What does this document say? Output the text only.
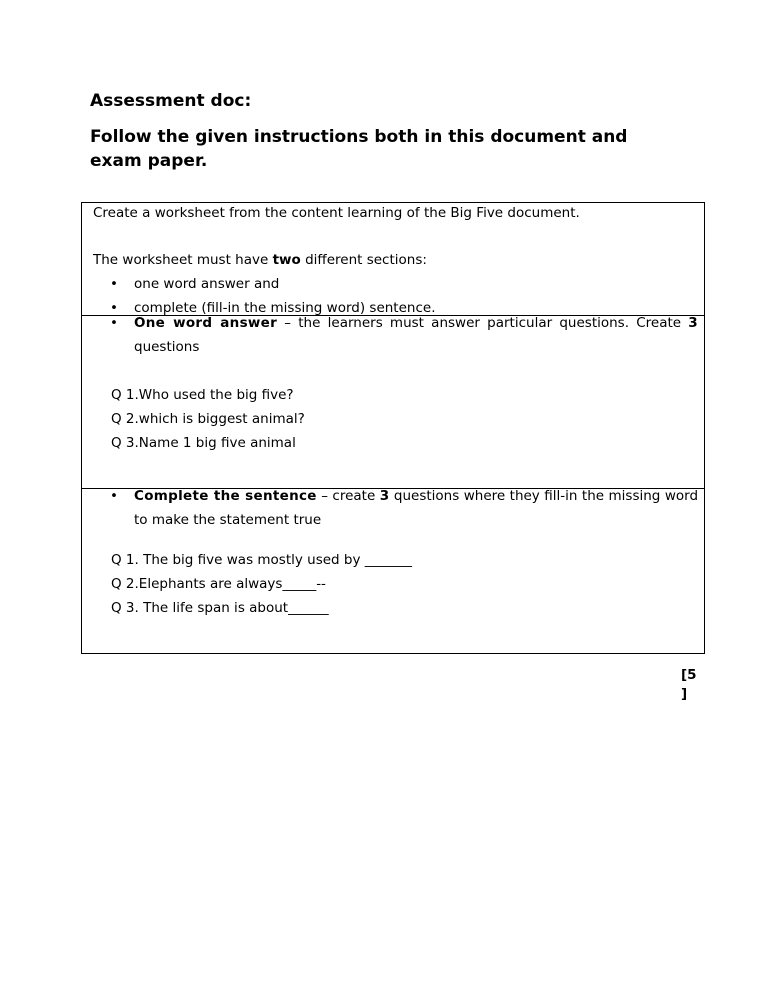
Assessment doc:
Follow the given instructions both in this document and exam paper.

Create a worksheet from the content learning of the Big Five document.

The worksheet must have two different sections:

• one word answer and
• complete (fill-in the missing word) sentence.
• One word answer – the learners must answer particular questions. Create 3 questions

Q 1.Who used the big five?

Q 2.which is biggest animal?

Q 3.Name 1 big five animal

• Complete the sentence – create 3 questions where they fill-in the missing word to make the statement true

Q 1. The big five was mostly used by _______

Q 2.Elephants are always_____--

Q 3. The life span is about______

[5 ]
